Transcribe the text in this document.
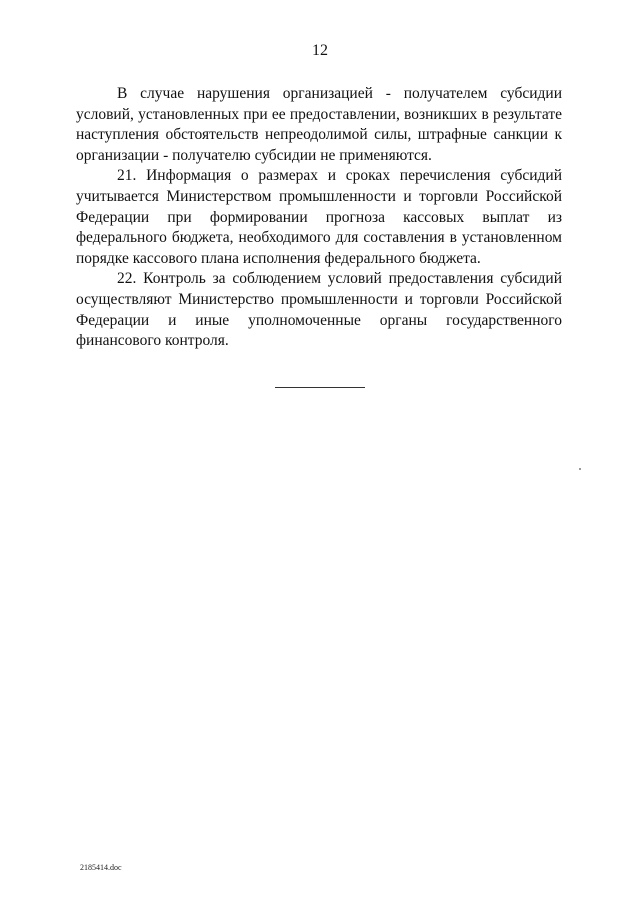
12

В случае нарушения организацией - получателем субсидии условий, установленных при ее предоставлении, возникших в результате наступления обстоятельств непреодолимой силы, штрафные санкции к организации - получателю субсидии не применяются.

21. Информация о размерах и сроках перечисления субсидий учитывается Министерством промышленности и торговли Российской Федерации при формировании прогноза кассовых выплат из федерального бюджета, необходимого для составления в установленном порядке кассового плана исполнения федерального бюджета.

22. Контроль за соблюдением условий предоставления субсидий осуществляют Министерство промышленности и торговли Российской Федерации и иные уполномоченные органы государственного финансового контроля.

2185414.doc
